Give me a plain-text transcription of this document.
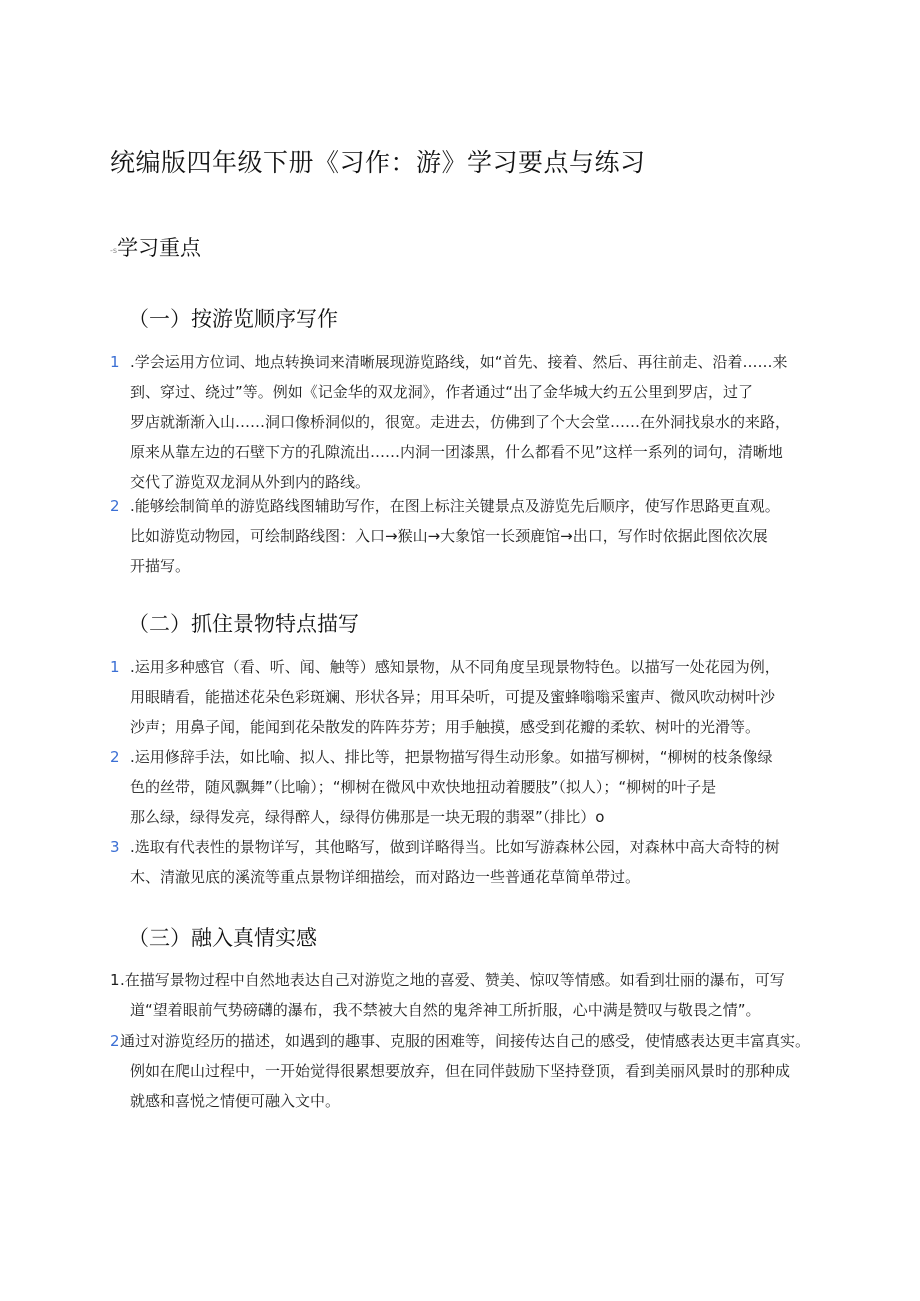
统编版四年级下册《习作：游》学习要点与练习
-s学习重点
（一）按游览顺序写作
1 .学会运用方位词、地点转换词来清晰展现游览路线，如“首先、接着、然后、再往前走、沿着……来
到、穿过、绕过”等。例如《记金华的双龙洞》，作者通过“出了金华城大约五公里到罗店，过了
罗店就渐渐入山……洞口像桥洞似的，很宽。走进去，仿佛到了个大会堂……在外洞找泉水的来路，
原来从靠左边的石壁下方的孔隙流出……内洞一团漆黑，什么都看不见”这样一系列的词句，清晰地
交代了游览双龙洞从外到内的路线。
2 .能够绘制简单的游览路线图辅助写作，在图上标注关键景点及游览先后顺序，使写作思路更直观。
比如游览动物园，可绘制路线图：入口→猴山→大象馆一长颈鹿馆→出口，写作时依据此图依次展
开描写。
（二）抓住景物特点描写
1 .运用多种感官（看、听、闻、触等）感知景物，从不同角度呈现景物特色。以描写一处花园为例，
用眼睛看，能描述花朵色彩斑斓、形状各异；用耳朵听，可提及蜜蜂嗡嗡采蜜声、微风吹动树叶沙
沙声；用鼻子闻，能闻到花朵散发的阵阵芬芳；用手触摸，感受到花瓣的柔软、树叶的光滑等。
2 .运用修辞手法，如比喻、拟人、排比等，把景物描写得生动形象。如描写柳树，“柳树的枝条像绿
色的丝带，随风飘舞”（比喻）；“柳树在微风中欢快地扭动着腰肢”（拟人）；“柳树的叶子是
那么绿，绿得发亮，绿得醉人，绿得仿佛那是一块无瑕的翡翠”（排比）o
3 .选取有代表性的景物详写，其他略写，做到详略得当。比如写游森林公园，对森林中高大奇特的树
木、清澈见底的溪流等重点景物详细描绘，而对路边一些普通花草简单带过。
（三）融入真情实感
1.在描写景物过程中自然地表达自己对游览之地的喜爱、赞美、惊叹等情感。如看到壮丽的瀑布，可写
道“望着眼前气势磅礴的瀑布，我不禁被大自然的鬼斧神工所折服，心中满是赞叹与敬畏之情”。
2通过对游览经历的描述，如遇到的趣事、克服的困难等，间接传达自己的感受，使情感表达更丰富真实。
例如在爬山过程中，一开始觉得很累想要放弃，但在同伴鼓励下坚持登顶，看到美丽风景时的那种成
就感和喜悦之情便可融入文中。
